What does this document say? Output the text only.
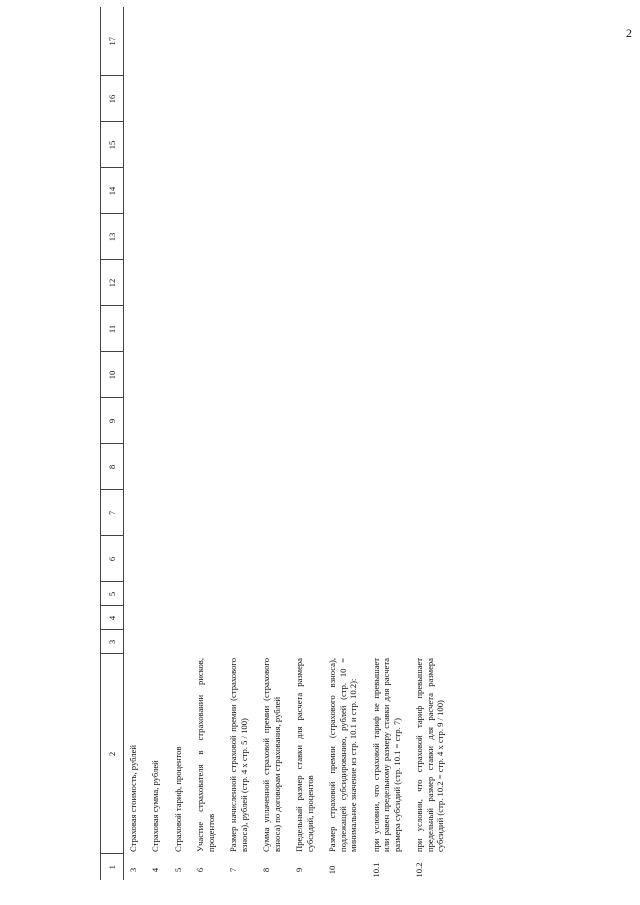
2
1	2	3	4	5	6	7	8	9	10	11	12	13	14	15	16	17
3	Страховая стоимость, рублей															
4	Страховая сумма, рублей															
5	Страховой тариф, процентов															
6	Участие страхователя в страховании рисков, процентов															
7	Размер начисленной страховой премии (страхового взноса), рублей (стр. 4 х стр. 5 / 100)															
8	Сумма уплаченной страховой премии (страхового взноса) по договорам страхования, рублей															
9	Предельный размер ставки для расчета размера субсидий, процентов															
10	Размер страховой премии (страхового взноса), подлежащей субсидированию, рублей (стр. 10 = минимальное значение из стр. 10.1 и стр. 10.2):															
10.1	при условии, что страховой тариф не превышает или равен предельному размеру ставки для расчета размера субсидий (стр. 10.1 = стр. 7)															
10.2	при условии, что страховой тариф превышает предельный размер ставки для расчета размера субсидий (стр. 10.2 = стр. 4 х стр. 9 / 100)															
